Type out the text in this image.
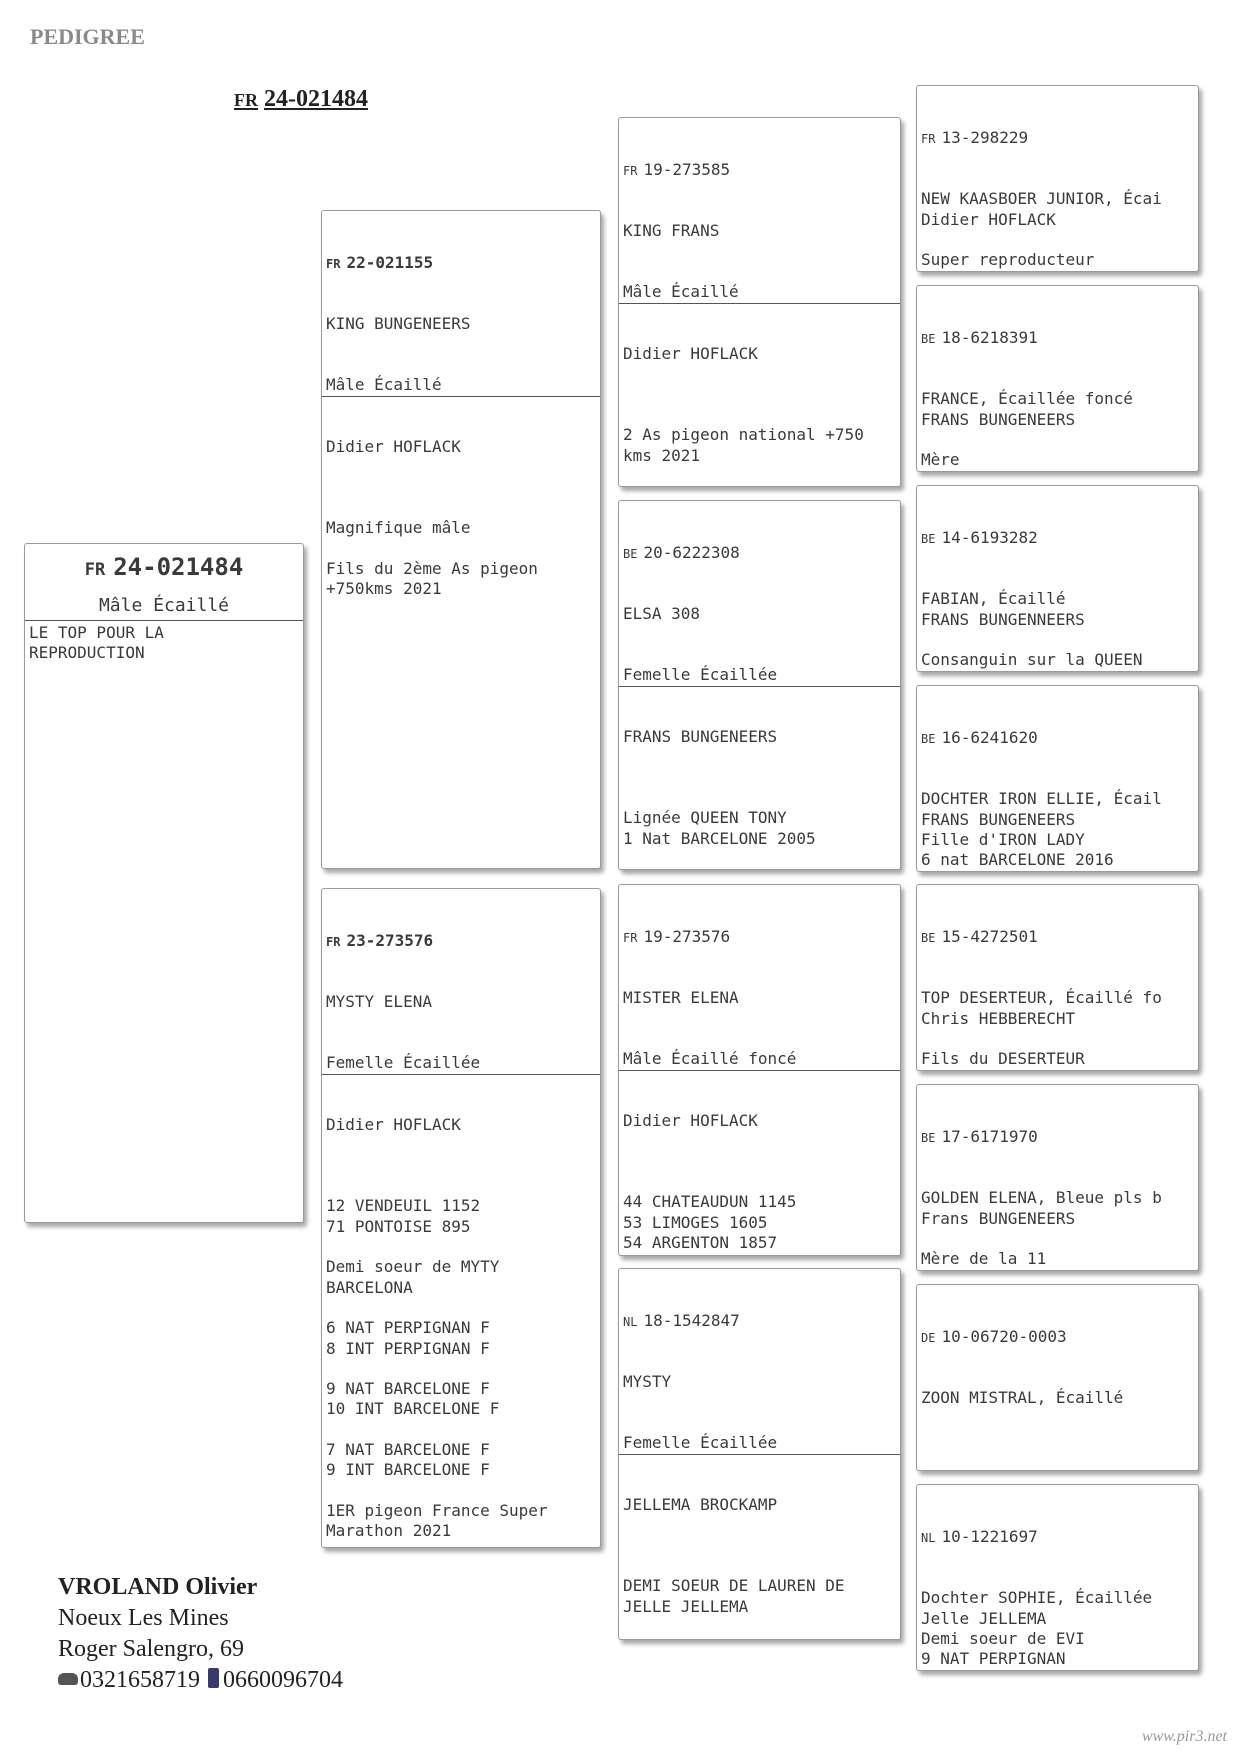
PEDIGREE
FR 24-021484
FR 24-021484
Mâle Écaillé
LE TOP POUR LA
REPRODUCTION

FR 22-021155

KING BUNGENEERS

Mâle Écaillé

Didier HOFLACK

Magnifique mâle

Fils du 2ème As pigeon
+750kms 2021

FR 23-273576

MYSTY ELENA

Femelle Écaillée

Didier HOFLACK

12 VENDEUIL 1152
71 PONTOISE 895

Demi soeur de MYTY
BARCELONA

6 NAT PERPIGNAN F
8 INT PERPIGNAN F

9 NAT BARCELONE F
10 INT BARCELONE F

7 NAT BARCELONE F
9 INT BARCELONE F

1ER pigeon France Super
Marathon 2021

FR 19-273585

KING FRANS

Mâle Écaillé

Didier HOFLACK

2 As pigeon national +750
kms 2021

BE 20-6222308

ELSA 308

Femelle Écaillée

FRANS BUNGENEERS

Lignée QUEEN TONY
1 Nat BARCELONE 2005

FR 19-273576

MISTER ELENA

Mâle Écaillé foncé

Didier HOFLACK

44 CHATEAUDUN 1145
53 LIMOGES 1605
54 ARGENTON 1857

NL 18-1542847

MYSTY

Femelle Écaillée

JELLEMA BROCKAMP

DEMI SOEUR DE LAUREN DE
JELLE JELLEMA

FR 13-298229

NEW KAASBOER JUNIOR, Écai
Didier HOFLACK

Super reproducteur

BE 18-6218391

FRANCE, Écaillée foncé
FRANS BUNGENEERS

Mère

BE 14-6193282

FABIAN, Écaillé
FRANS BUNGENNEERS

Consanguin sur la QUEEN

BE 16-6241620

DOCHTER IRON ELLIE, Écail
FRANS BUNGENEERS
Fille d'IRON LADY
6 nat BARCELONE 2016

BE 15-4272501

TOP DESERTEUR, Écaillé fo
Chris HEBBERECHT

Fils du DESERTEUR

BE 17-6171970

GOLDEN ELENA, Bleue pls b
Frans BUNGENEERS

Mère de la 11

DE 10-06720-0003

ZOON MISTRAL, Écaillé

NL 10-1221697

Dochter SOPHIE, Écaillée
Jelle JELLEMA
Demi soeur de EVI
9 NAT PERPIGNAN

VROLAND Olivier
Noeux Les Mines
Roger Salengro, 69
0321658719 0660096704
www.pir3.net
